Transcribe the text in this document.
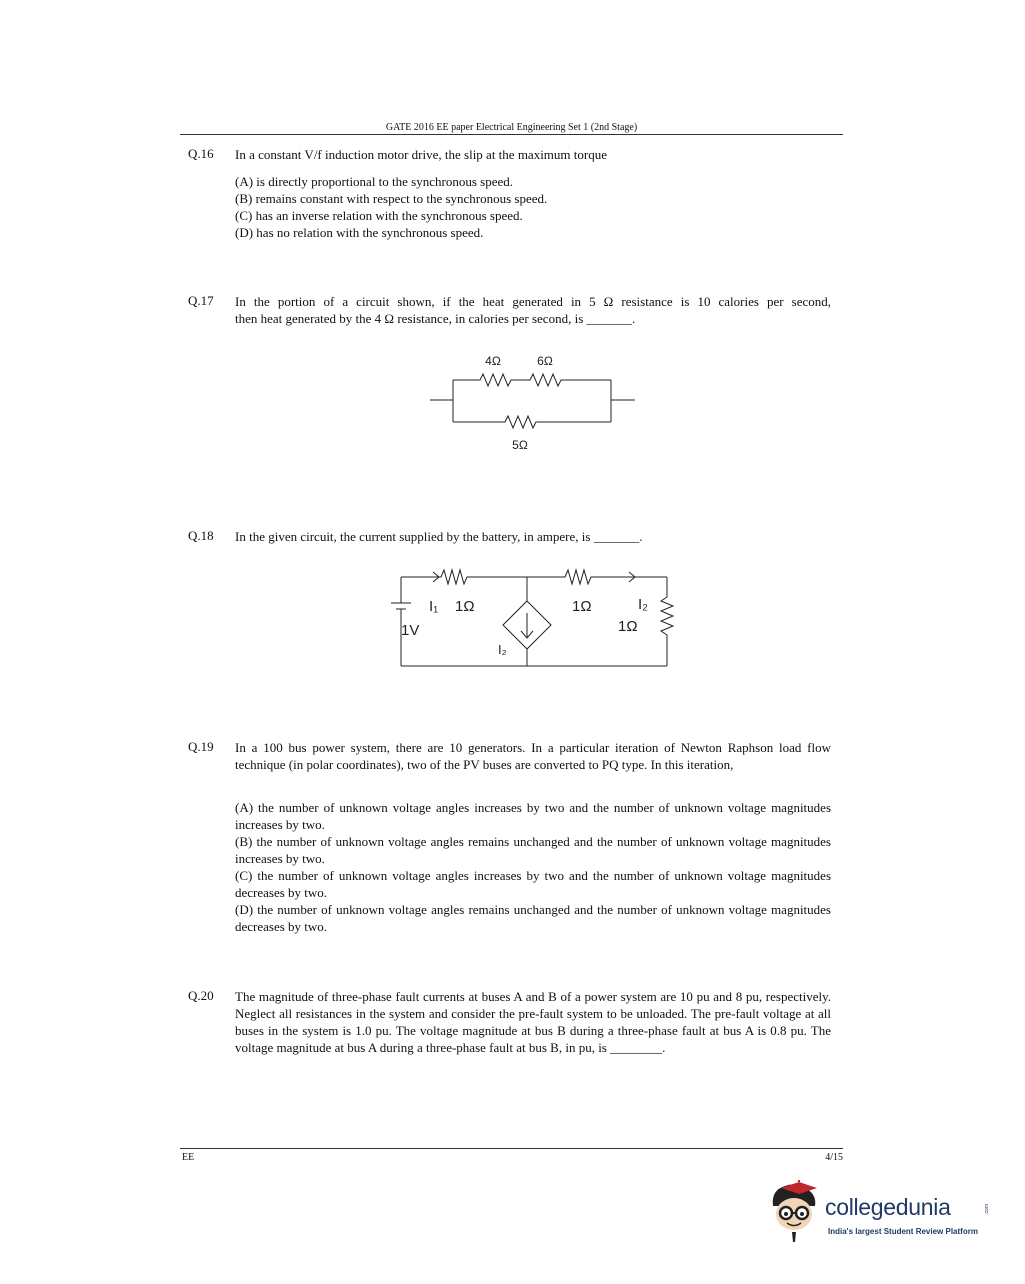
GATE 2016 EE paper Electrical Engineering Set 1 (2nd Stage)
Q.16 In a constant V/f induction motor drive, the slip at the maximum torque
(A) is directly proportional to the synchronous speed.
(B) remains constant with respect to the synchronous speed.
(C) has an inverse relation with the synchronous speed.
(D) has no relation with the synchronous speed.
Q.17 In the portion of a circuit shown, if the heat generated in 5 Ω resistance is 10 calories per second,
then heat generated by the 4 Ω resistance, in calories per second, is _______.
4Ω	6Ω
5Ω
Q.18 In the given circuit, the current supplied by the battery, in ampere, is _______.
I₁ 1Ω	1Ω	I₂
1Ω
1V
I₂
Q.19 In a 100 bus power system, there are 10 generators. In a particular iteration of Newton Raphson load flow technique (in polar coordinates), two of the PV buses are converted to PQ type. In this iteration,
(A) the number of unknown voltage angles increases by two and the number of unknown voltage magnitudes increases by two.
(B) the number of unknown voltage angles remains unchanged and the number of unknown voltage magnitudes increases by two.
(C) the number of unknown voltage angles increases by two and the number of unknown voltage magnitudes decreases by two.
(D) the number of unknown voltage angles remains unchanged and the number of unknown voltage magnitudes decreases by two.
Q.20 The magnitude of three-phase fault currents at buses A and B of a power system are 10 pu and 8 pu, respectively. Neglect all resistances in the system and consider the pre-fault system to be unloaded. The pre-fault voltage at all buses in the system is 1.0 pu. The voltage magnitude at bus B during a three-phase fault at bus A is 0.8 pu. The voltage magnitude at bus A during a three-phase fault at bus B, in pu, is ________.
EE	4/15
collegedunia	.com
India's largest Student Review Platform
